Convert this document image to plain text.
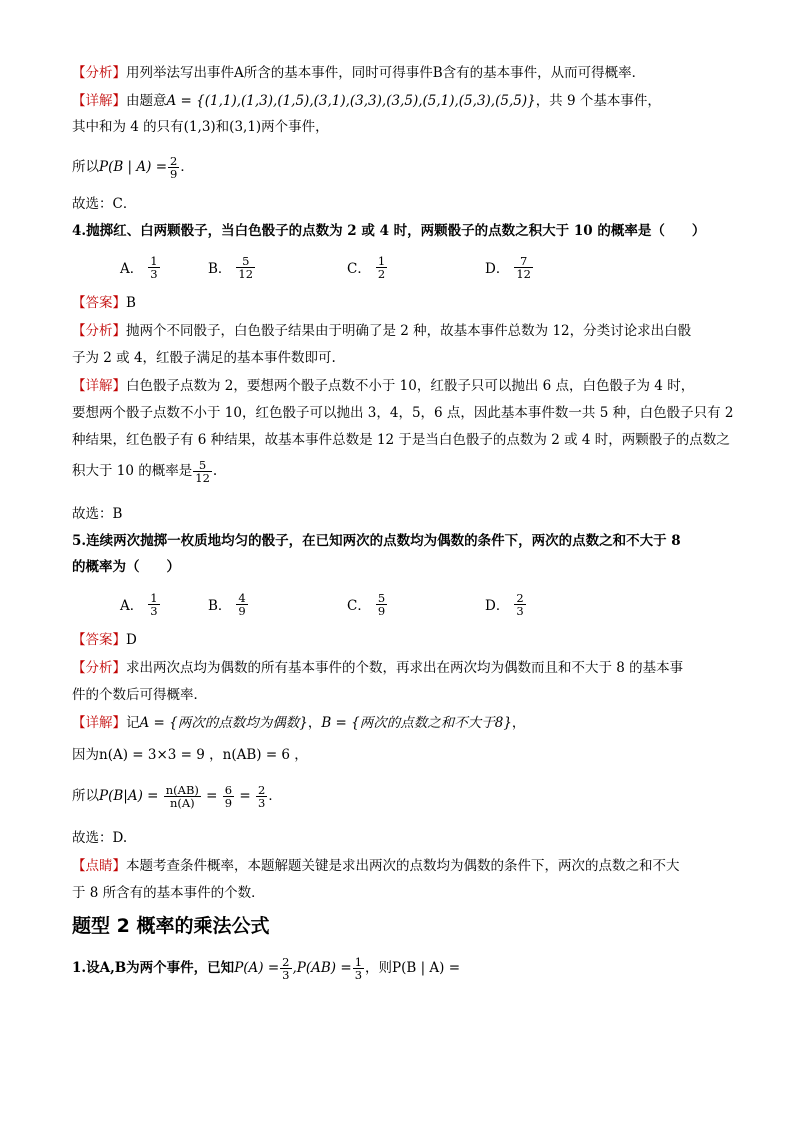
【分析】用列举法写出事件A所含的基本事件，同时可得事件B含有的基本事件，从而可得概率．
【详解】由题意A = {(1,1),(1,3),(1,5),(3,1),(3,3),(3,5),(5,1),(5,3),(5,5)}，共 9 个基本事件，
其中和为 4 的只有(1,3)和(3,1)两个事件，
所以P(B | $A) = \frac{2}{9}$ ．
故选：C．
4.抛掷红、白两颗骰子，当白色骰子的点数为 2 或 4 时，两颗骰子的点数之积大于 10 的概率是（　　）
A． $\frac{1}{3}$	B． $\frac{5}{12}$	C． $\frac{1}{2}$	D． $\frac{7}{12}$
【答案】B
【分析】抛两个不同骰子，白色骰子结果由于明确了是 2 种，故基本事件总数为 12，分类讨论求出白骰
子为 2 或 4，红骰子满足的基本事件数即可.
【详解】白色骰子点数为 2，要想两个骰子点数不小于 10，红骰子只可以抛出 6 点，白色骰子为 4 时，
要想两个骰子点数不小于 10，红色骰子可以抛出 3，4，5，6 点，因此基本事件数一共 5 种，白色骰子只有 2
种结果，红色骰子有 6 种结果，故基本事件总数是 12 于是当白色骰子的点数为 2 或 4 时，两颗骰子的点数之
积大于 10 的概率是 $\frac{5}{12}$ .
故选：B
5.连续两次抛掷一枚质地均匀的骰子，在已知两次的点数均为偶数的条件下，两次的点数之和不大于 8
的概率为（　　）
A． $\frac{1}{3}$	B． $\frac{4}{9}$	C． $\frac{5}{9}$	D． $\frac{2}{3}$
【答案】D
【分析】求出两次点均为偶数的所有基本事件的个数，再求出在两次均为偶数而且和不大于 8 的基本事
件的个数后可得概率．
【详解】记A = {两次的点数均为偶数}，B = {两次的点数之和不大于8}，
因为n(A) = 3×3 = 9 ，n(AB) = 6 ，
所以$P(B|A) = \frac{n(AB)}{n(A)} = \frac{6}{9} = \frac{2}{3}$ ．
故选：D.
【点睛】本题考查条件概率，本题解题关键是求出两次的点数均为偶数的条件下，两次的点数之和不大
于 8 所含有的基本事件的个数．
题型 2 概率的乘法公式
1.设A,B为两个事件，已知$P(A) = \frac{2}{3} ,P(AB) = \frac{1}{3}$ ，则P(B | A) =
